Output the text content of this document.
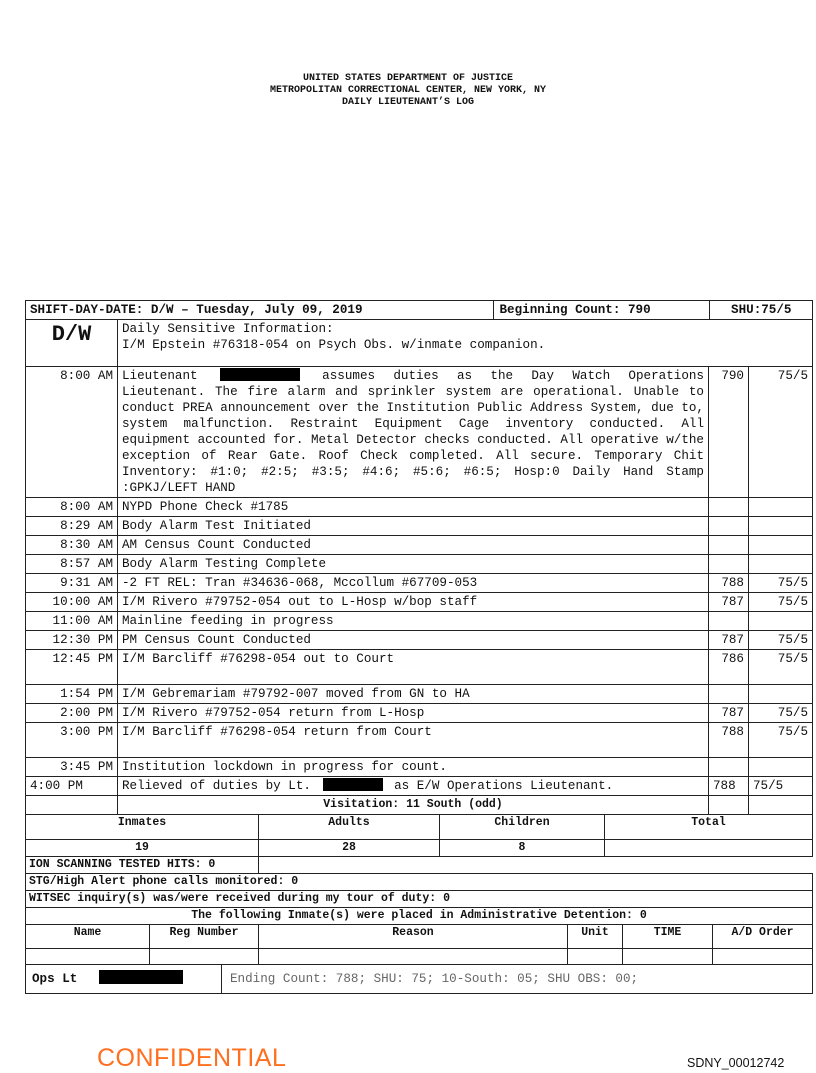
UNITED STATES DEPARTMENT OF JUSTICE
METROPOLITAN CORRECTIONAL CENTER, NEW YORK, NY
DAILY LIEUTENANT’S LOG
SHIFT-DAY-DATE: D/W – Tuesday, July 09, 2019	Beginning Count: 790	SHU:75/5

D/W	Daily Sensitive Information:
I/M Epstein #76318-054 on Psych Obs. w/inmate companion.

8:00 AM	Lieutenant	assumes duties as the Day Watch Operations Lieutenant. The fire alarm and sprinkler system are operational. Unable to conduct PREA announcement over the Institution Public Address System, due to, system malfunction. Restraint Equipment Cage inventory conducted. All equipment accounted for. Metal Detector checks conducted. All operative w/the exception of Rear Gate. Roof Check completed. All secure. Temporary Chit Inventory: #1:0; #2:5; #3:5; #4:6; #5:6; #6:5; Hosp:0 Daily Hand Stamp :GPKJ/LEFT HAND	790	75/5
8:00 AM	NYPD Phone Check #1785		
8:29 AM	Body Alarm Test Initiated		
8:30 AM	AM Census Count Conducted		
8:57 AM	Body Alarm Testing Complete		
9:31 AM	-2 FT REL: Tran #34636-068, Mccollum #67709-053	788	75/5
10:00 AM	I/M Rivero #79752-054 out to L-Hosp w/bop staff	787	75/5
11:00 AM	Mainline feeding in progress		
12:30 PM	PM Census Count Conducted	787	75/5
12:45 PM	I/M Barcliff #76298-054 out to Court	786	75/5
1:54 PM	I/M Gebremariam #79792-007 moved from GN to HA		
2:00 PM	I/M Rivero #79752-054 return from L-Hosp	787	75/5
3:00 PM	I/M Barcliff #76298-054 return from Court	788	75/5
3:45 PM	Institution lockdown in progress for count.		
4:00 PM	Relieved of duties by Lt. as E/W Operations Lieutenant.	788	75/5
	Visitation: 11 South (odd)		
Inmates	Adults	Children	Total
19	28	8	
ION SCANNING TESTED HITS: 0	
STG/High Alert phone calls monitored: 0
WITSEC inquiry(s) was/were received during my tour of duty: 0
The following Inmate(s) were placed in Administrative Detention: 0
Name	Reg Number	Reason	Unit	TIME	A/D Order

Ops Lt	Ending Count: 788; SHU: 75; 10-South: 05; SHU OBS: 00;
CONFIDENTIAL	SDNY_00012742
